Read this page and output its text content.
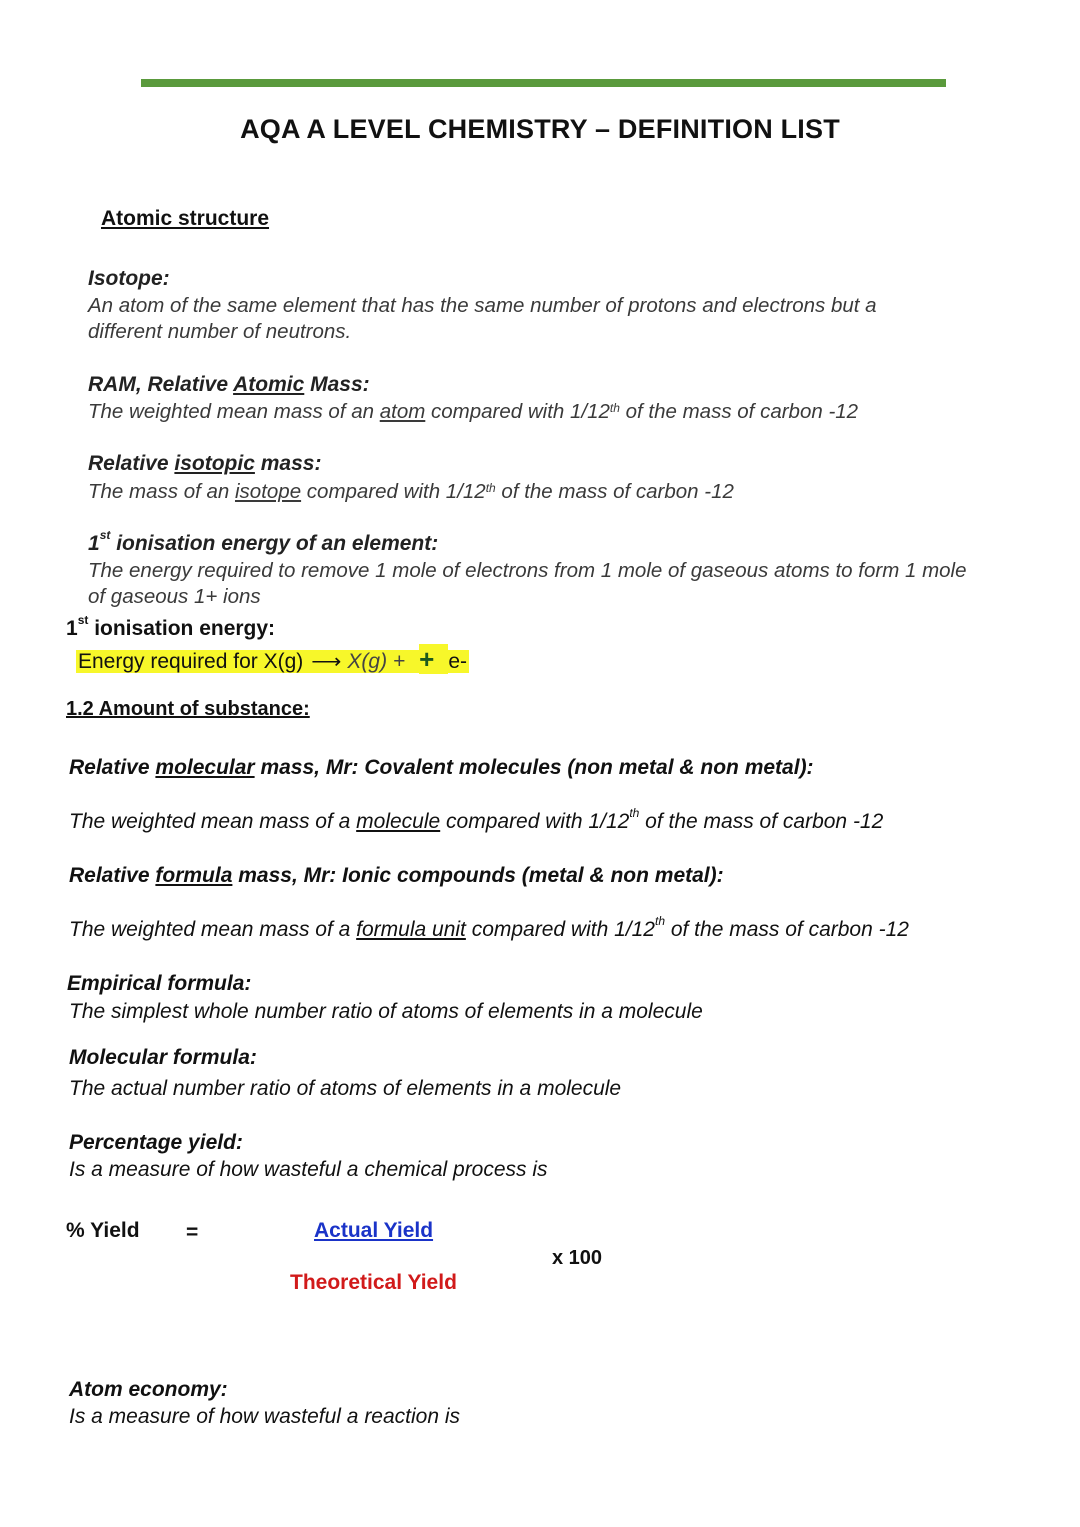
AQA A LEVEL CHEMISTRY – DEFINITION LIST
Atomic structure
Isotope:
An atom of the same element that has the same number of protons and electrons but a
different number of neutrons.
RAM, Relative Atomic Mass:
The weighted mean mass of an atom compared with 1/12th of the mass of carbon -12
Relative isotopic mass:
The mass of an isotope compared with 1/12th of the mass of carbon -12
1st ionisation energy of an element:
The energy required to remove 1 mole of electrons from 1 mole of gaseous atoms to form 1 mole
of gaseous 1+ ions
1st ionisation energy:
Energy required for X(g) ⟶ X(g) + + e-
1.2 Amount of substance:
Relative molecular mass, Mr: Covalent molecules (non metal & non metal):
The weighted mean mass of a molecule compared with 1/12th of the mass of carbon -12
Relative formula mass, Mr: Ionic compounds (metal & non metal):
The weighted mean mass of a formula unit compared with 1/12th of the mass of carbon -12
Empirical formula:
The simplest whole number ratio of atoms of elements in a molecule
Molecular formula:
The actual number ratio of atoms of elements in a molecule
Percentage yield:
Is a measure of how wasteful a chemical process is
% Yield =	Actual Yield
Theoretical Yield
x 100
Atom economy:
Is a measure of how wasteful a reaction is
